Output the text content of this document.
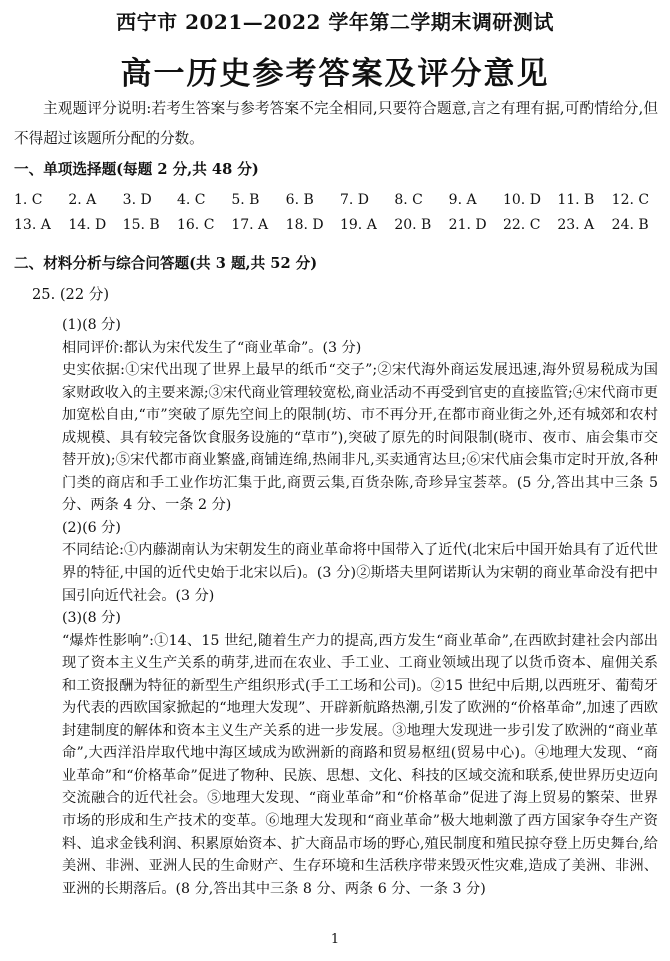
西宁市 2021—2022 学年第二学期末调研测试
高一历史参考答案及评分意见
主观题评分说明:若考生答案与参考答案不完全相同,只要符合题意,言之有理有据,可酌情给分,但不得超过该题所分配的分数。
一、单项选择题(每题 2 分,共 48 分)
1. C	2. A	3. D	4. C	5. B	6. B	7. D	8. C	9. A	10. D	11. B	12. C
13. A	14. D	15. B	16. C	17. A	18. D	19. A	20. B	21. D	22. C	23. A	24. B
二、材料分析与综合问答题(共 3 题,共 52 分)
25. (22 分)

(1)(8 分)

相同评价:都认为宋代发生了“商业革命”。(3 分)

史实依据:①宋代出现了世界上最早的纸币“交子”;②宋代海外商运发展迅速,海外贸易税成为国家财政收入的主要来源;③宋代商业管理较宽松,商业活动不再受到官吏的直接监管;④宋代商市更加宽松自由,“市”突破了原先空间上的限制(坊、市不再分开,在都市商业街之外,还有城郊和农村成规模、具有较完备饮食服务设施的“草市”),突破了原先的时间限制(晓市、夜市、庙会集市交替开放);⑤宋代都市商业繁盛,商铺连绵,热闹非凡,买卖通宵达旦;⑥宋代庙会集市定时开放,各种门类的商店和手工业作坊汇集于此,商贾云集,百货杂陈,奇珍异宝荟萃。(5 分,答出其中三条 5 分、两条 4 分、一条 2 分)

(2)(6 分)

不同结论:①内藤湖南认为宋朝发生的商业革命将中国带入了近代(北宋后中国开始具有了近代世界的特征,中国的近代史始于北宋以后)。(3 分)②斯塔夫里阿诺斯认为宋朝的商业革命没有把中国引向近代社会。(3 分)

(3)(8 分)

“爆炸性影响”:①14、15 世纪,随着生产力的提高,西方发生“商业革命”,在西欧封建社会内部出现了资本主义生产关系的萌芽,进而在农业、手工业、工商业领域出现了以货币资本、雇佣关系和工资报酬为特征的新型生产组织形式(手工工场和公司)。②15 世纪中后期,以西班牙、葡萄牙为代表的西欧国家掀起的“地理大发现”、开辟新航路热潮,引发了欧洲的“价格革命”,加速了西欧封建制度的解体和资本主义生产关系的进一步发展。③地理大发现进一步引发了欧洲的“商业革命”,大西洋沿岸取代地中海区域成为欧洲新的商路和贸易枢纽(贸易中心)。④地理大发现、“商业革命”和“价格革命”促进了物种、民族、思想、文化、科技的区域交流和联系,使世界历史迈向交流融合的近代社会。⑤地理大发现、“商业革命”和“价格革命”促进了海上贸易的繁荣、世界市场的形成和生产技术的变革。⑥地理大发现和“商业革命”极大地刺激了西方国家争夺生产资料、追求金钱利润、积累原始资本、扩大商品市场的野心,殖民制度和殖民掠夺登上历史舞台,给美洲、非洲、亚洲人民的生命财产、生存环境和生活秩序带来毁灭性灾难,造成了美洲、非洲、亚洲的长期落后。(8 分,答出其中三条 8 分、两条 6 分、一条 3 分)

1
